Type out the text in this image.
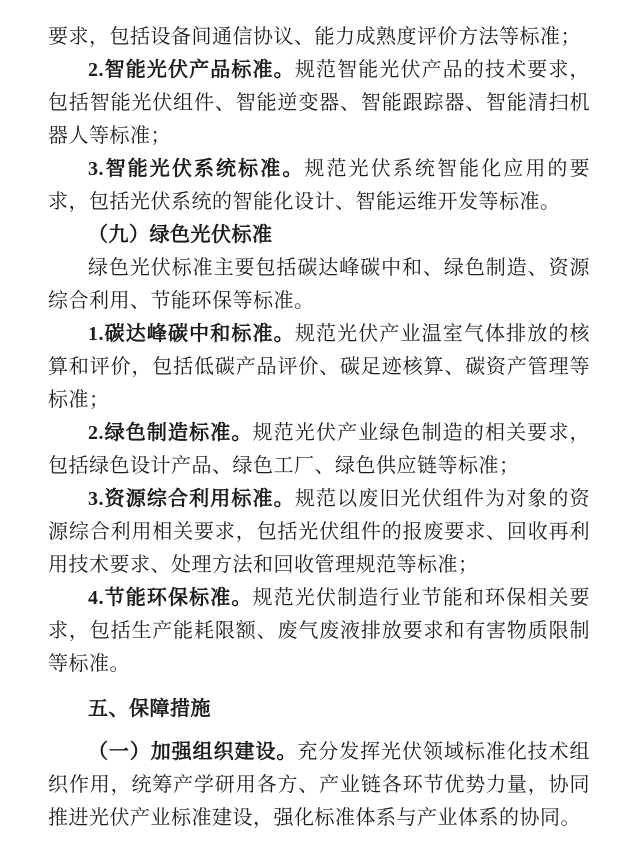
要求，包括设备间通信协议、能力成熟度评价方法等标准；

2.智能光伏产品标准。规范智能光伏产品的技术要求，包括智能光伏组件、智能逆变器、智能跟踪器、智能清扫机器人等标准；

3.智能光伏系统标准。规范光伏系统智能化应用的要求，包括光伏系统的智能化设计、智能运维开发等标准。

（九）绿色光伏标准

绿色光伏标准主要包括碳达峰碳中和、绿色制造、资源综合利用、节能环保等标准。

1.碳达峰碳中和标准。规范光伏产业温室气体排放的核算和评价，包括低碳产品评价、碳足迹核算、碳资产管理等标准；

2.绿色制造标准。规范光伏产业绿色制造的相关要求，包括绿色设计产品、绿色工厂、绿色供应链等标准；

3.资源综合利用标准。规范以废旧光伏组件为对象的资源综合利用相关要求，包括光伏组件的报废要求、回收再利用技术要求、处理方法和回收管理规范等标准；

4.节能环保标准。规范光伏制造行业节能和环保相关要求，包括生产能耗限额、废气废液排放要求和有害物质限制等标准。

五、保障措施

（一）加强组织建设。充分发挥光伏领域标准化技术组织作用，统筹产学研用各方、产业链各环节优势力量，协同推进光伏产业标准建设，强化标准体系与产业体系的协同。
